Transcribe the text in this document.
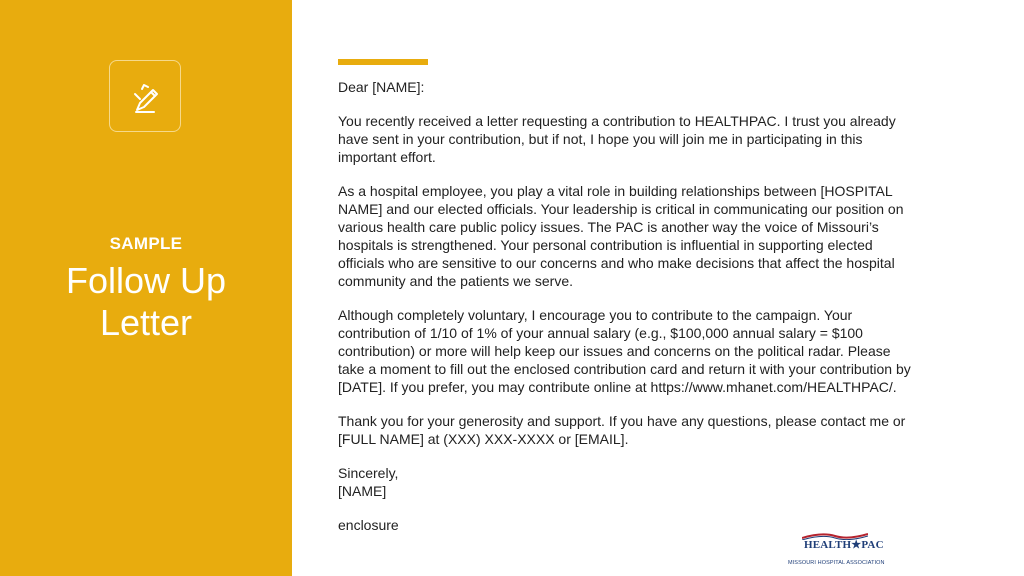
SAMPLE
Follow Up
Letter

Dear [NAME]:

You recently received a letter requesting a contribution to HEALTHPAC. I trust you already have sent in your contribution, but if not, I hope you will join me in participating in this important effort.

As a hospital employee, you play a vital role in building relationships between [HOSPITAL NAME] and our elected officials. Your leadership is critical in communicating our position on various health care public policy issues. The PAC is another way the voice of Missouri’s hospitals is strengthened. Your personal contribution is influential in supporting elected officials who are sensitive to our concerns and who make decisions that affect the hospital community and the patients we serve.

Although completely voluntary, I encourage you to contribute to the campaign. Your contribution of 1/10 of 1% of your annual salary (e.g., $100,000 annual salary = $100 contribution) or more will help keep our issues and concerns on the political radar. Please take a moment to fill out the enclosed contribution card and return it with your contribution by [DATE]. If you prefer, you may contribute online at https://www.mhanet.com/HEALTHPAC/.

Thank you for your generosity and support. If you have any questions, please contact me or [FULL NAME] at (XXX) XXX-XXXX or [EMAIL].

Sincerely,
[NAME]

enclosure

HEALTH★PAC
MISSOURI HOSPITAL ASSOCIATION
